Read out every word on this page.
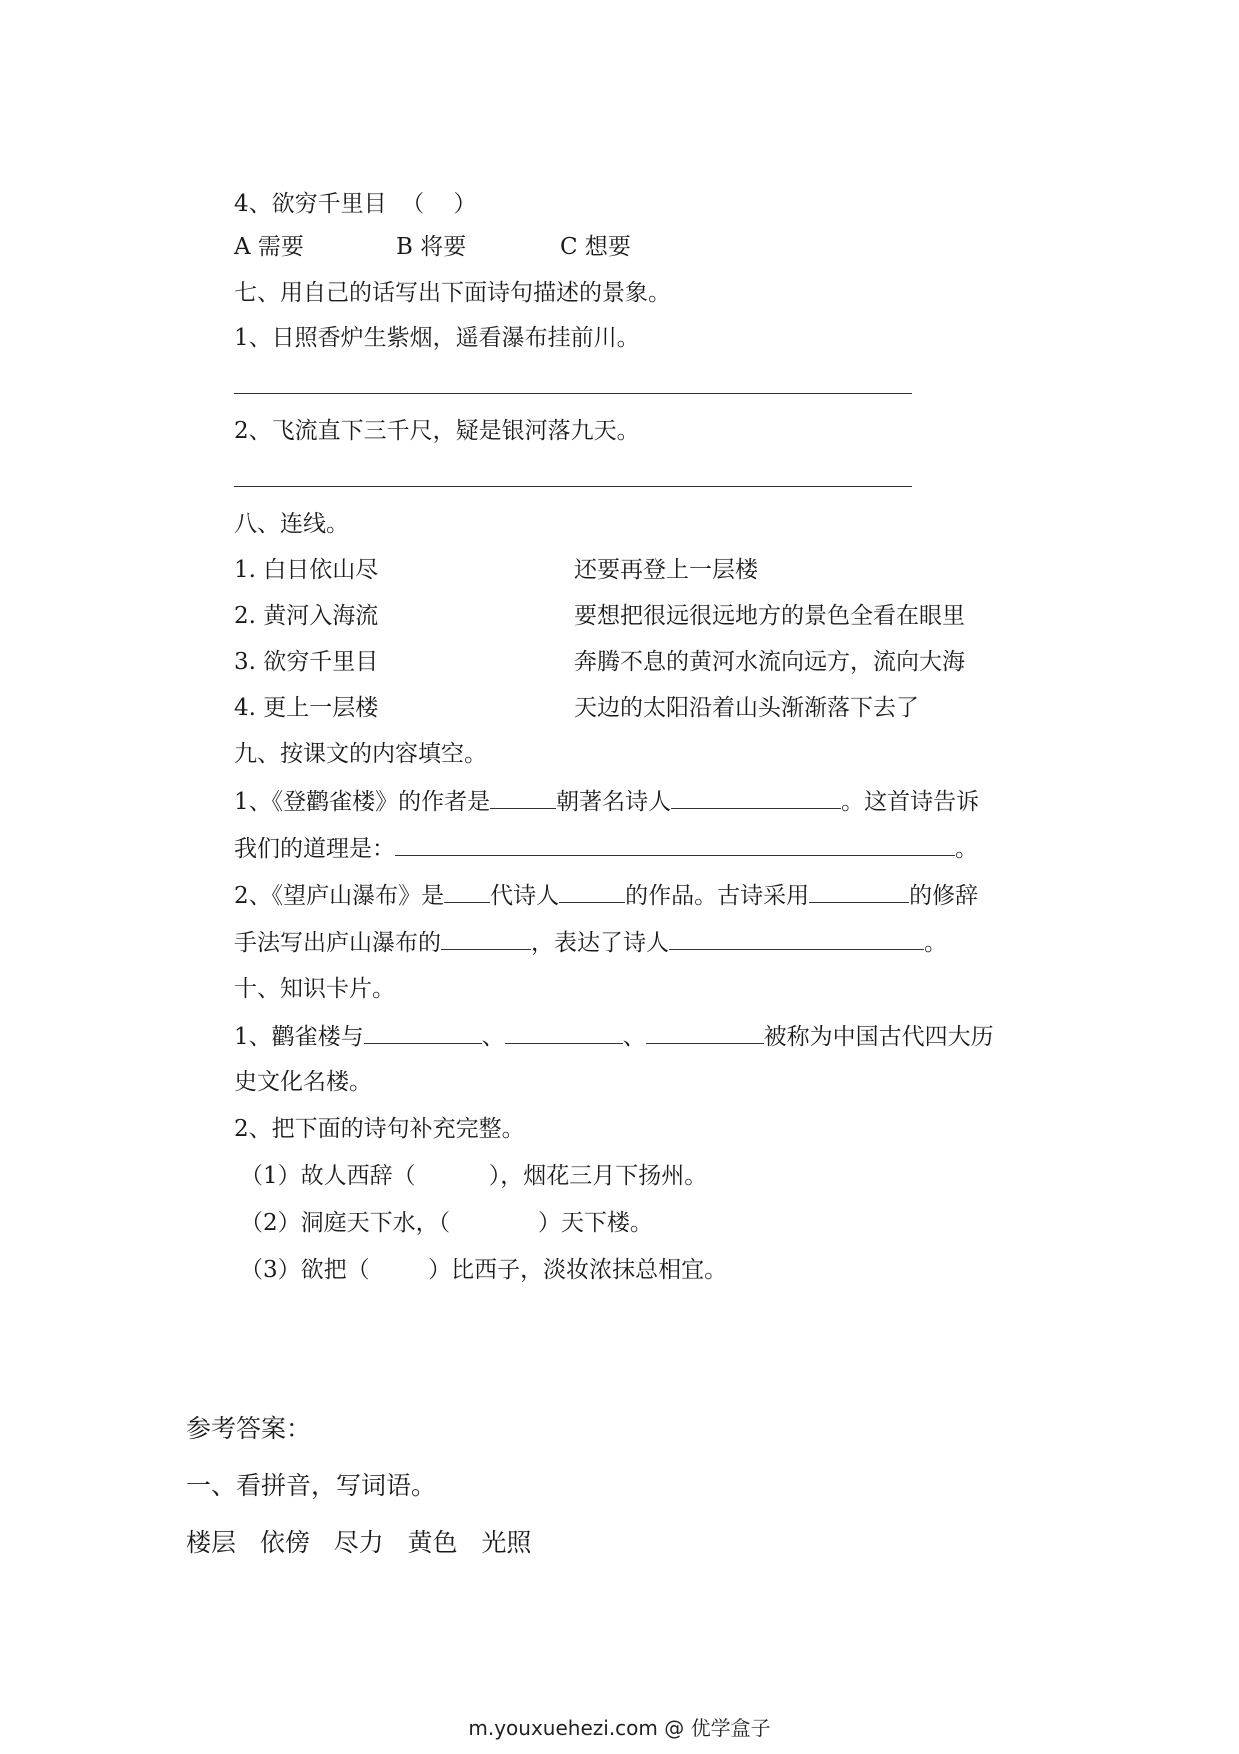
4、欲穷千里目  （    ）
A 需要	B 将要	C 想要
七、用自己的话写出下面诗句描述的景象。
1、日照香炉生紫烟，遥看瀑布挂前川。
2、飞流直下三千尺，疑是银河落九天。
八、连线。
1. 白日依山尽	还要再登上一层楼
2. 黄河入海流	要想把很远很远地方的景色全看在眼里
3. 欲穷千里目	奔腾不息的黄河水流向远方，流向大海
4. 更上一层楼	天边的太阳沿着山头渐渐落下去了
九、按课文的内容填空。
1、《登鹳雀楼》的作者是	朝著名诗人	。这首诗告诉
我们的道理是：	。
2、《望庐山瀑布》是 代诗人	的作品。古诗采用	的修辞
手法写出庐山瀑布的	，表达了诗人	。
十、知识卡片。
1、鹳雀楼与	、	、	被称为中国古代四大历
史文化名楼。
2、把下面的诗句补充完整。
（1）故人西辞（          ），烟花三月下扬州。
（2）洞庭天下水，（            ）天下楼。
（3）欲把（        ）比西子，淡妆浓抹总相宜。
参考答案：
一、看拼音，写词语。
楼层   依傍   尽力   黄色   光照
m.youxuehezi.com @ 优学盒子
